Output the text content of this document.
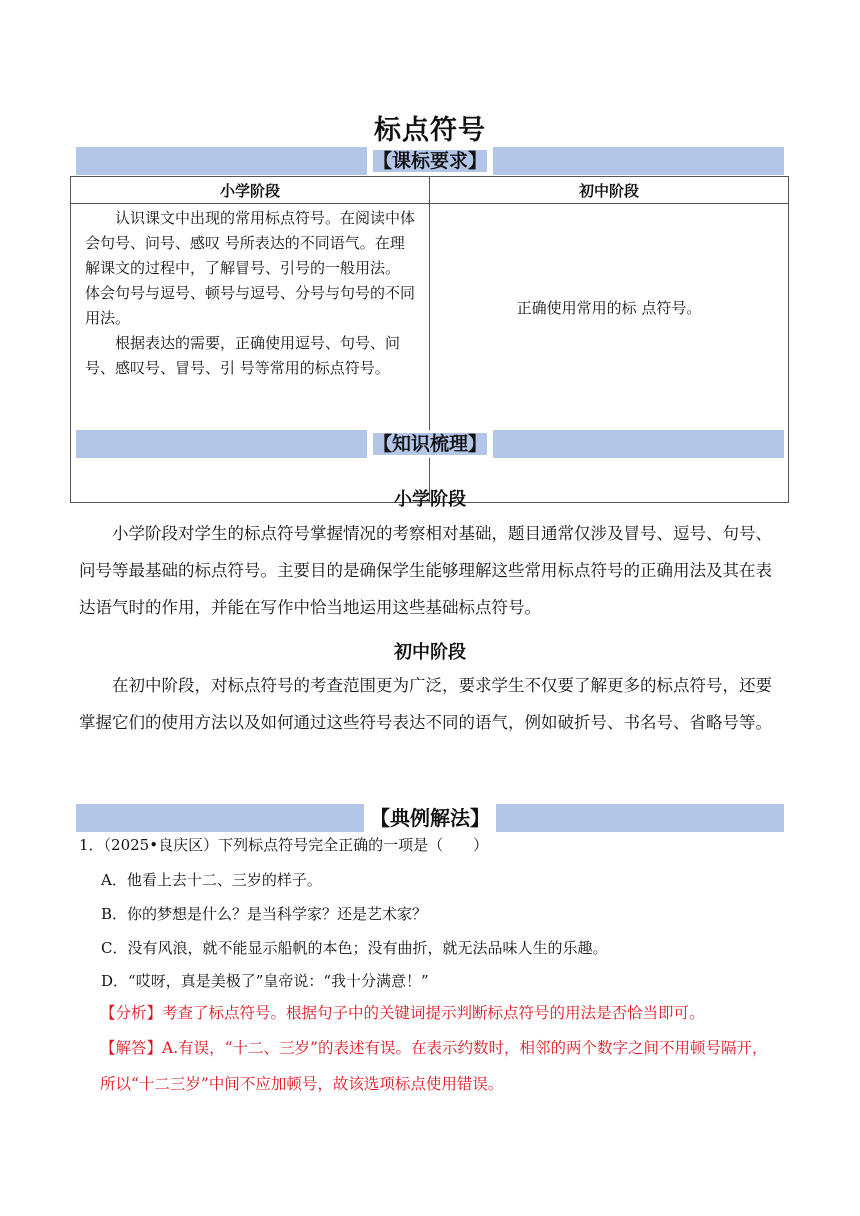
标点符号
【课标要求】
小学阶段	初中阶段

认识课文中出现的常用标点符号。在阅读中体会句号、问号、感叹 号所表达的不同语气。在理解课文的过程中，了解冒号、引号的一般用法。 体会句号与逗号、顿号与逗号、分号与句号的不同用法。

根据表达的需要，正确使用逗号、句号、问号、感叹号、冒号、引 号等常用的标点符号。	正确使用常用的标 点符号。
【知识梳理】
小学阶段

小学阶段对学生的标点符号掌握情况的考察相对基础，题目通常仅涉及冒号、逗号、句号、问号等最基础的标点符号。主要目的是确保学生能够理解这些常用标点符号的正确用法及其在表达语气时的作用，并能在写作中恰当地运用这些基础标点符号。

初中阶段

在初中阶段，对标点符号的考查范围更为广泛，要求学生不仅要了解更多的标点符号，还要掌握它们的使用方法以及如何通过这些符号表达不同的语气，例如破折号、书名号、省略号等。

【典例解法】

1．（2025•良庆区）下列标点符号完全正确的一项是（　　）

A．他看上去十二、三岁的样子。

B．你的梦想是什么？是当科学家？还是艺术家？

C．没有风浪，就不能显示船帆的本色；没有曲折，就无法品味人生的乐趣。

D．“哎呀，真是美极了”皇帝说：“我十分满意！”

【分析】考查了标点符号。根据句子中的关键词提示判断标点符号的用法是否恰当即可。

【解答】A.有误，“十二、三岁”的表述有误。在表示约数时，相邻的两个数字之间不用顿号隔开，所以“十二三岁”中间不应加顿号，故该选项标点使用错误。
